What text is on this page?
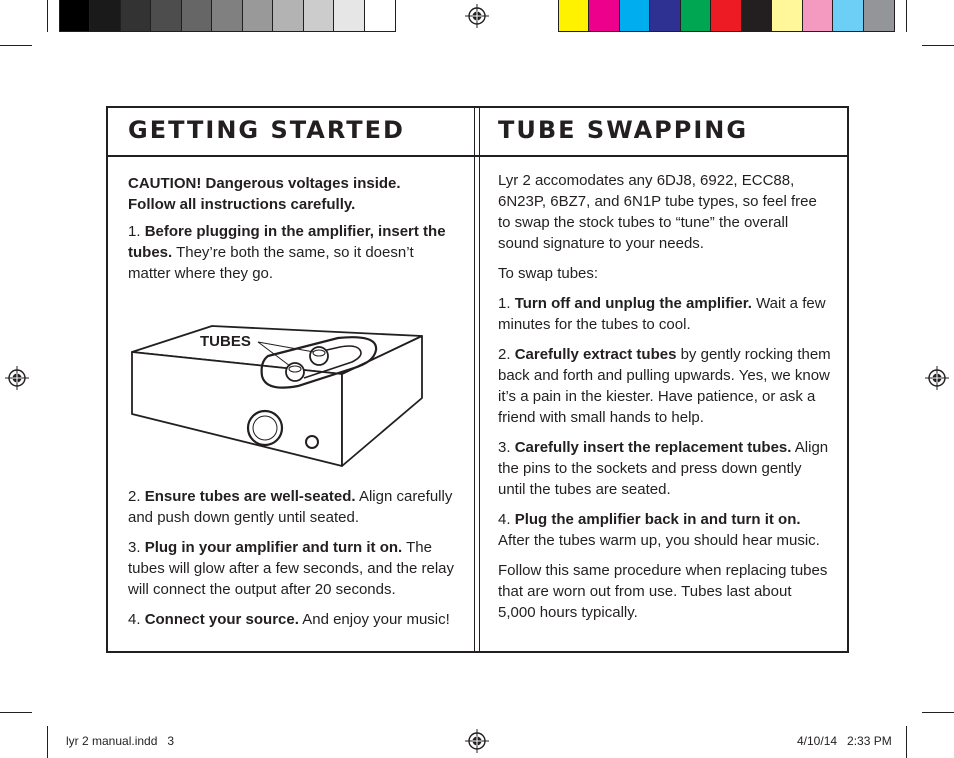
GETTING STARTED	TUBE SWAPPING

CAUTION! Dangerous voltages inside.
Follow all instructions carefully.

1. Before plugging in the amplifier, insert the tubes. They’re both the same, so it doesn’t matter where they go.

TUBES

2. Ensure tubes are well-seated. Align carefully and push down gently until seated.

3. Plug in your amplifier and turn it on. The tubes will glow after a few seconds, and the relay will connect the output after 20 seconds.

4. Connect your source. And enjoy your music!

Lyr 2 accomodates any 6DJ8, 6922, ECC88, 6N23P, 6BZ7, and 6N1P tube types, so feel free to swap the stock tubes to “tune” the overall sound signature to your needs.

To swap tubes:

1. Turn off and unplug the amplifier. Wait a few minutes for the tubes to cool.

2. Carefully extract tubes by gently rocking them back and forth and pulling upwards. Yes, we know it’s a pain in the kiester. Have patience, or ask a friend with small hands to help.

3. Carefully insert the replacement tubes. Align the pins to the sockets and press down gently until the tubes are seated.

4. Plug the amplifier back in and turn it on. After the tubes warm up, you should hear music.

Follow this same procedure when replacing tubes that are worn out from use. Tubes last about 5,000 hours typically.

lyr 2 manual.indd   3	4/10/14   2:33 PM
